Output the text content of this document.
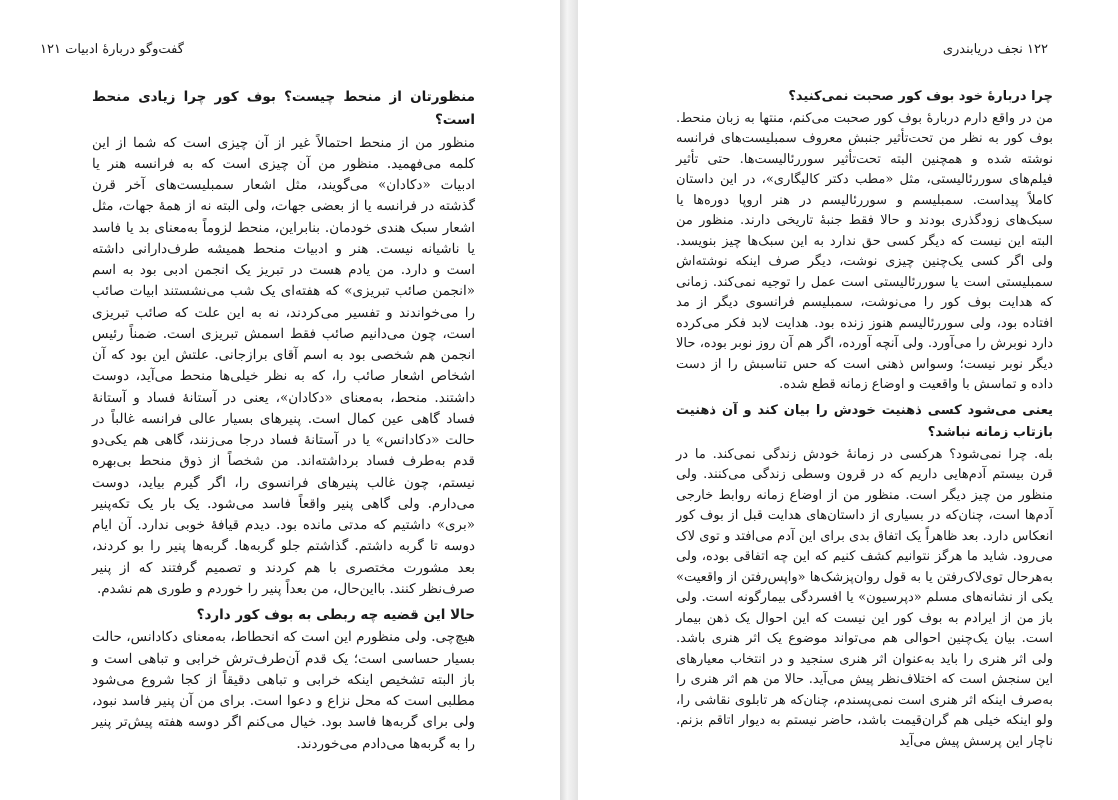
گفت‌وگو دربارهٔ ادبیات ۱۲۱
منظورتان از منحط چیست؟ بوف کور چرا زیادی منحط است؟

منظور من از منحط احتمالاً غیر از آن چیزی است که شما از این کلمه می‌فهمید. منظور من آن چیزی است که به فرانسه هنر یا ادبیات «دکادان» می‌گویند، مثل اشعار سمبلیست‌های آخر قرن گذشته در فرانسه یا از بعضی جهات، ولی البته نه از همهٔ جهات، مثل اشعار سبک هندی خودمان. بنابراین، منحط لزوماً به‌معنای بد یا فاسد یا ناشیانه نیست. هنر و ادبیات منحط همیشه طرف‌دارانی داشته است و دارد. من یادم هست در تبریز یک انجمن ادبی بود به اسم «انجمن صائب تبریزی» که هفته‌ای یک شب می‌نشستند ابیات صائب را می‌خواندند و تفسیر می‌کردند، نه به این علت که صائب تبریزی است، چون می‌دانیم صائب فقط اسمش تبریزی است. ضمناً رئیس انجمن هم شخصی بود به اسم آقای برازجانی. علتش این بود که آن اشخاص اشعار صائب را، که به نظر خیلی‌ها منحط می‌آید، دوست داشتند. منحط، به‌معنای «دکادان»، یعنی در آستانهٔ فساد و آستانهٔ فساد گاهی عین کمال است. پنیرهای بسیار عالی فرانسه غالباً در حالت «دکادانس» یا در آستانهٔ فساد درجا می‌زنند، گاهی هم یکی‌دو قدم به‌طرف فساد برداشته‌اند. من شخصاً از ذوق منحط بی‌بهره نیستم، چون غالب پنیرهای فرانسوی را، اگر گیرم بیاید، دوست می‌دارم. ولی گاهی پنیر واقعاً فاسد می‌شود. یک بار یک تکه‌پنیر «بری» داشتیم که مدتی مانده بود. دیدم قیافهٔ خوبی ندارد. آن ایام دوسه تا گربه داشتم. گذاشتم جلو گربه‌ها. گربه‌ها پنیر را بو کردند، بعد مشورت مختصری با هم کردند و تصمیم گرفتند که از پنیر صرف‌نظر کنند. بااین‌حال، من بعداً پنیر را خوردم و طوری هم نشدم.

حالا این قضیه چه ربطی به بوف کور دارد؟

هیچ‌چی. ولی منظورم این است که انحطاط، به‌معنای دکادانس، حالت بسیار حساسی است؛ یک قدم آن‌طرف‌ترش خرابی و تباهی است و باز البته تشخیص اینکه خرابی و تباهی دقیقاً از کجا شروع می‌شود مطلبی است که محل نزاع و دعوا است. برای من آن پنیر فاسد نبود، ولی برای گربه‌ها فاسد بود. خیال می‌کنم اگر دوسه هفته پیش‌تر پنیر را به گربه‌ها می‌دادم می‌خوردند.

۱۲۲ نجف دریابندری
چرا دربارهٔ خود بوف کور صحبت نمی‌کنید؟

من در واقع دارم دربارهٔ بوف کور صحبت می‌کنم، منتها به زبان منحط. بوف کور به نظر من تحت‌تأثیر جنبش معروف سمبلیست‌های فرانسه نوشته شده و همچنین البته تحت‌تأثیر سوررئالیست‌ها. حتی تأثیر فیلم‌های سوررئالیستی، مثل «مطب دکتر کالیگاری»، در این داستان کاملاً پیداست. سمبلیسم و سوررئالیسم در هنر اروپا دوره‌ها یا سبک‌های زودگذری بودند و حالا فقط جنبهٔ تاریخی دارند. منظور من البته این نیست که دیگر کسی حق ندارد به این سبک‌ها چیز بنویسد. ولی اگر کسی یک‌چنین چیزی نوشت، دیگر صرف اینکه نوشته‌اش سمبلیستی است یا سوررئالیستی است عمل را توجیه نمی‌کند. زمانی که هدایت بوف کور را می‌نوشت، سمبلیسم فرانسوی دیگر از مد افتاده بود، ولی سوررئالیسم هنوز زنده بود. هدایت لابد فکر می‌کرده دارد نوبرش را می‌آورد. ولی آنچه آورده، اگر هم آن روز نوبر بوده، حالا دیگر نوبر نیست؛ وسواس ذهنی است که حس تناسبش را از دست داده و تماسش با واقعیت و اوضاع زمانه قطع شده.

یعنی می‌شود کسی ذهنیت خودش را بیان کند و آن ذهنیت بازتاب زمانه نباشد؟

بله. چرا نمی‌شود؟ هرکسی در زمانهٔ خودش زندگی نمی‌کند. ما در قرن بیستم آدم‌هایی داریم که در قرون وسطی زندگی می‌کنند. ولی منظور من چیز دیگر است. منظور من از اوضاع زمانه روابط خارجی آدم‌ها است، چنان‌که در بسیاری از داستان‌های هدایت قبل از بوف کور انعکاس دارد. بعد ظاهراً یک اتفاق بدی برای این آدم می‌افتد و توی لاک می‌رود. شاید ما هرگز نتوانیم کشف کنیم که این چه اتفاقی بوده، ولی به‌هرحال توی‌لاک‌رفتن یا به قول روان‌پزشک‌ها «واپس‌رفتن از واقعیت» یکی از نشانه‌های مسلم «دپرسیون» یا افسردگی بیمارگونه است. ولی باز من از ایرادم به بوف کور این نیست که این احوال یک ذهن بیمار است. بیان یک‌چنین احوالی هم می‌تواند موضوع یک اثر هنری باشد. ولی اثر هنری را باید به‌عنوان اثر هنری سنجید و در انتخاب معیارهای این سنجش است که اختلاف‌نظر پیش می‌آید. حالا من هم اثر هنری را به‌صرف اینکه اثر هنری است نمی‌پسندم، چنان‌که هر تابلوی نقاشی را، ولو اینکه خیلی هم گران‌قیمت باشد، حاضر نیستم به دیوار اتاقم بزنم. ناچار این پرسش پیش می‌آید
